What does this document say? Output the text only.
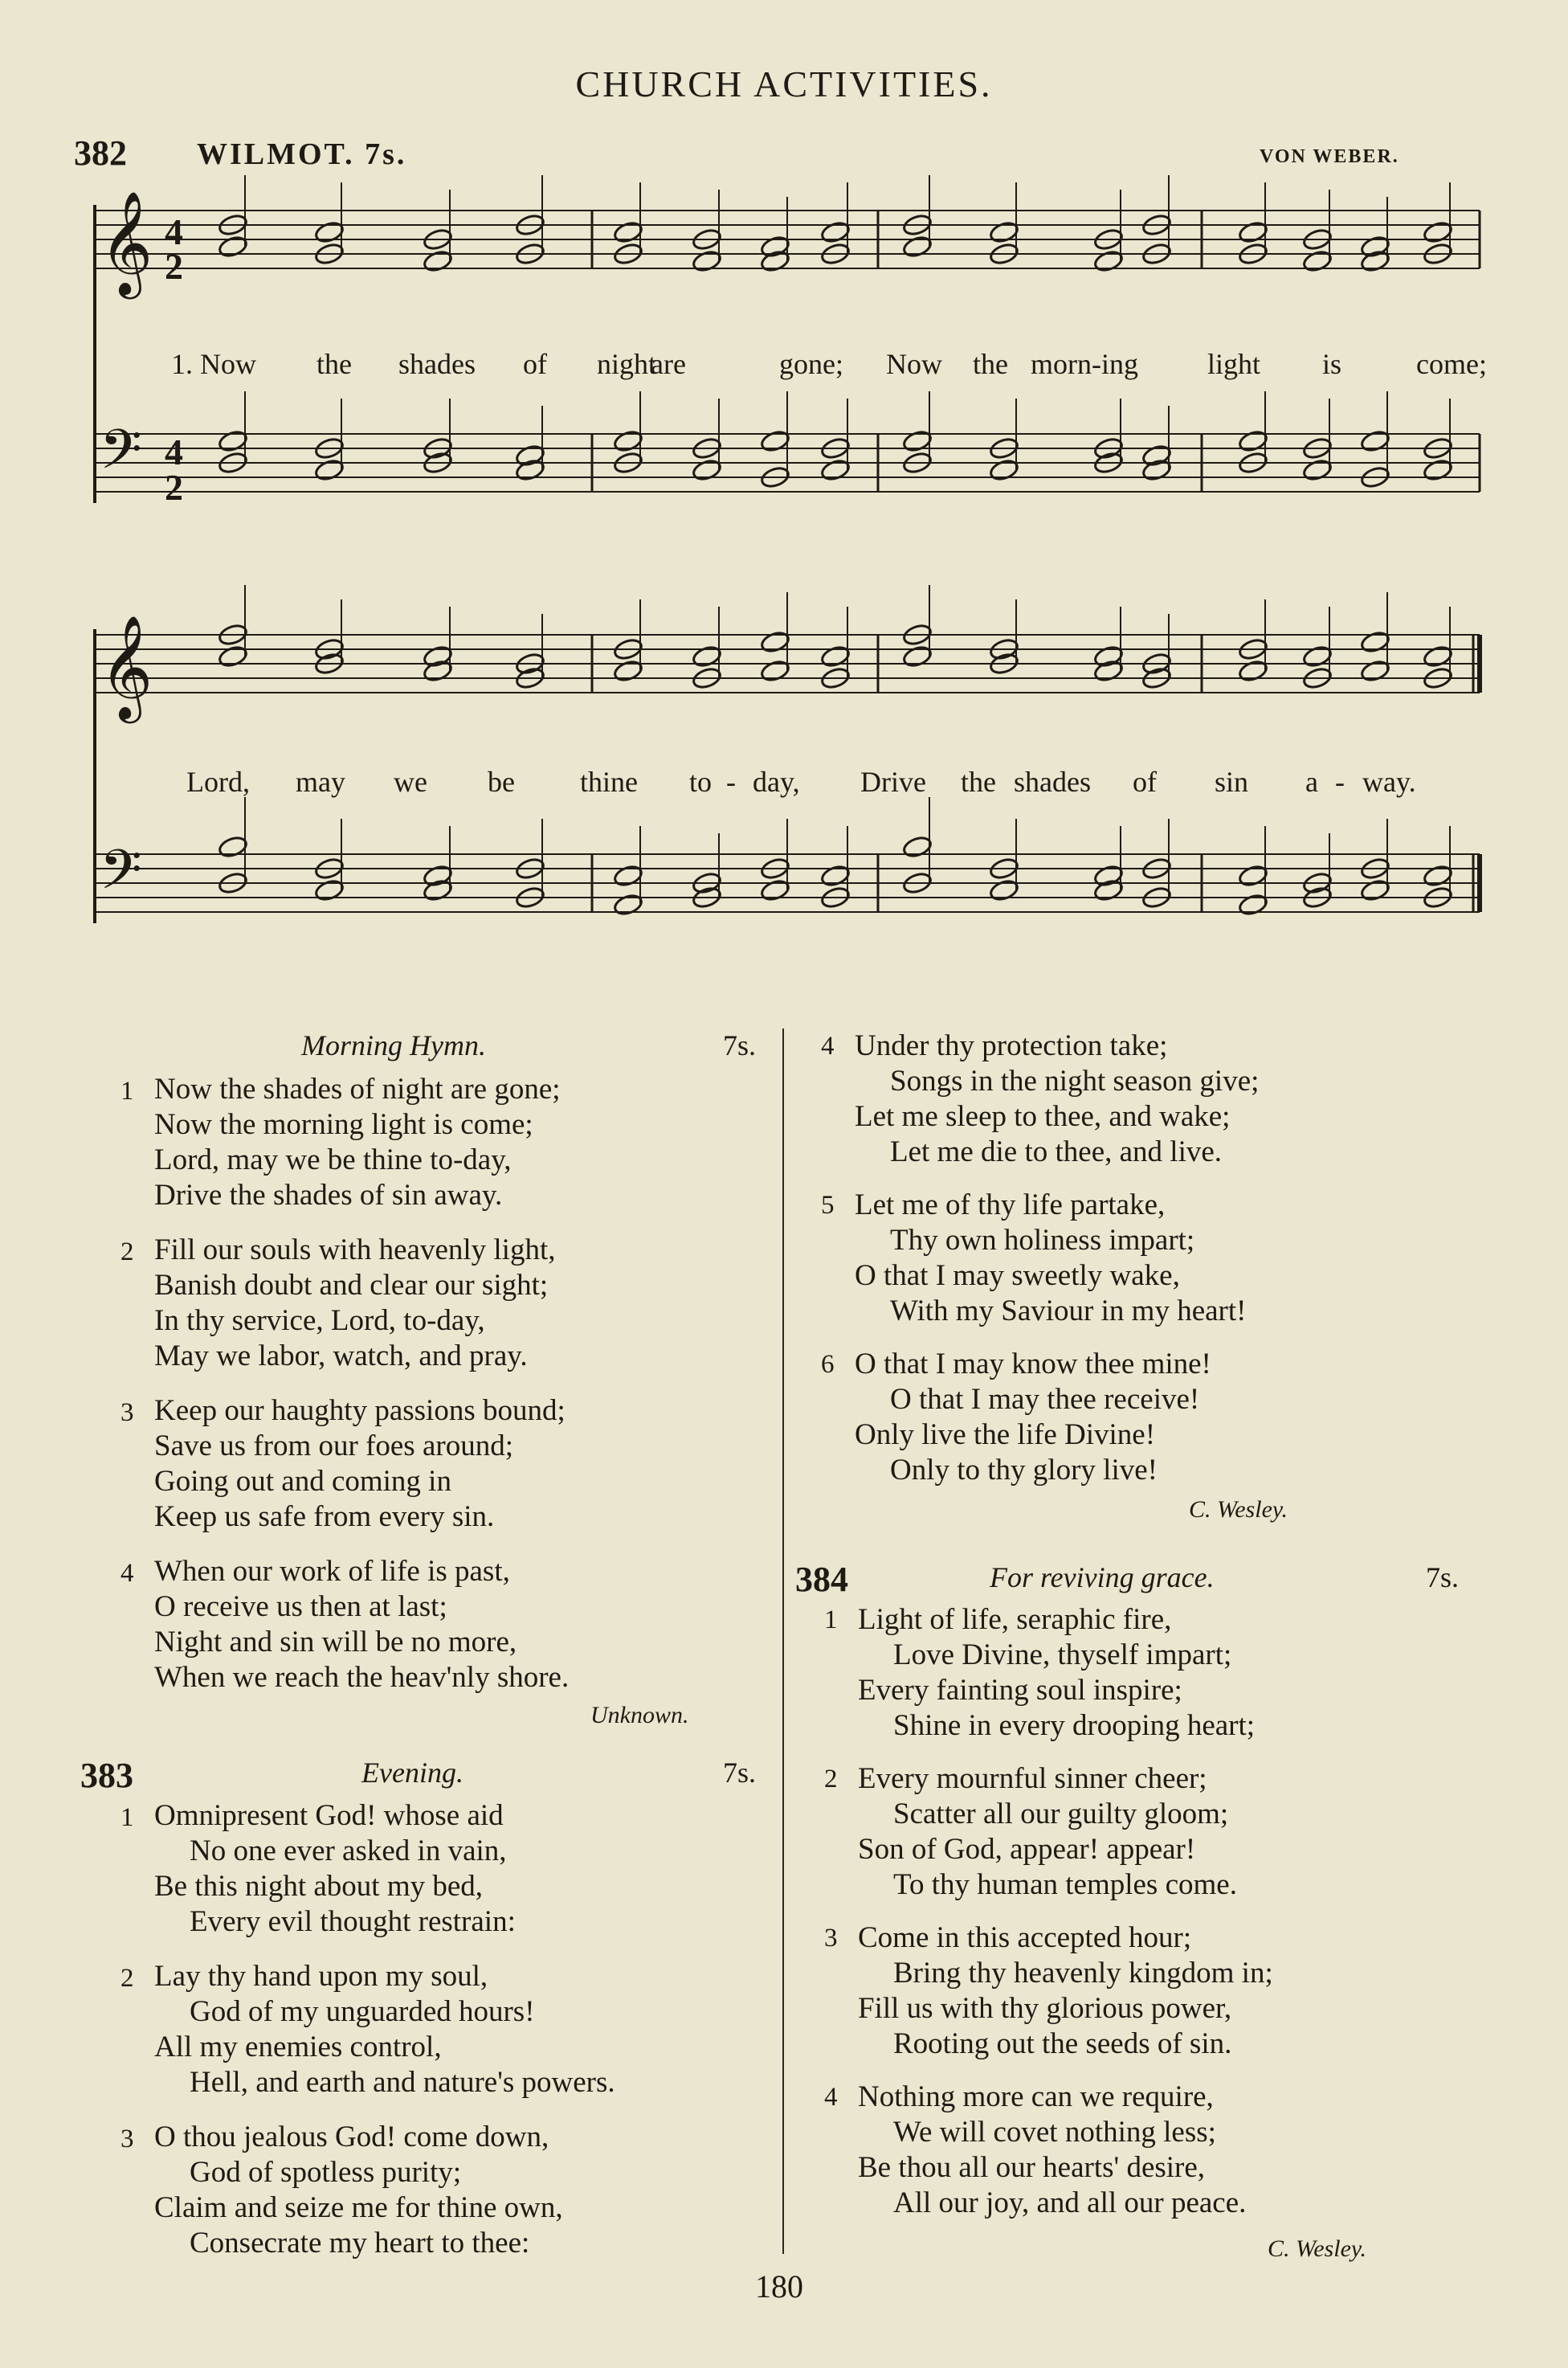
CHURCH ACTIVITIES.
382 WILMOT. 7s.	VON WEBER.
𝄞
𝄢
𝄞
𝄢
4
2
4
2
1. Now the shades of night
are	gone; Now the morn-ing light is	come;
Lord, may we be thine to - day, Drive the shades of sin a - way.
Morning Hymn.	7s.
1 Now the shades of night are gone;
Now the morning light is come;
Lord, may we be thine to-day,
Drive the shades of sin away.
2 Fill our souls with heavenly light,
Banish doubt and clear our sight;
In thy service, Lord, to-day,
May we labor, watch, and pray.
3 Keep our haughty passions bound;
Save us from our foes around;
Going out and coming in
Keep us safe from every sin.
4 When our work of life is past,
O receive us then at last;
Night and sin will be no more,
When we reach the heav'nly shore.
Unknown.
383	Evening.	7s.
1 Omnipresent God! whose aid
No one ever asked in vain,
Be this night about my bed,
Every evil thought restrain:
2 Lay thy hand upon my soul,
God of my unguarded hours!
All my enemies control,
Hell, and earth and nature's powers.
3 O thou jealous God! come down,
God of spotless purity;
Claim and seize me for thine own,
Consecrate my heart to thee:
C. Wesley.
384	For reviving grace.	7s.
4 Under thy protection take;
Songs in the night season give;
Let me sleep to thee, and wake;
Let me die to thee, and live.
5 Let me of thy life partake,
Thy own holiness impart;
O that I may sweetly wake,
With my Saviour in my heart!
6 O that I may know thee mine!
O that I may thee receive!
Only live the life Divine!
Only to thy glory live!
1 Light of life, seraphic fire,
Love Divine, thyself impart;
Every fainting soul inspire;
Shine in every drooping heart;
2 Every mournful sinner cheer;
Scatter all our guilty gloom;
Son of God, appear! appear!
To thy human temples come.
3 Come in this accepted hour;
Bring thy heavenly kingdom in;
Fill us with thy glorious power,
Rooting out the seeds of sin.
4 Nothing more can we require,
We will covet nothing less;
Be thou all our hearts' desire,
All our joy, and all our peace.
C. Wesley.
180
